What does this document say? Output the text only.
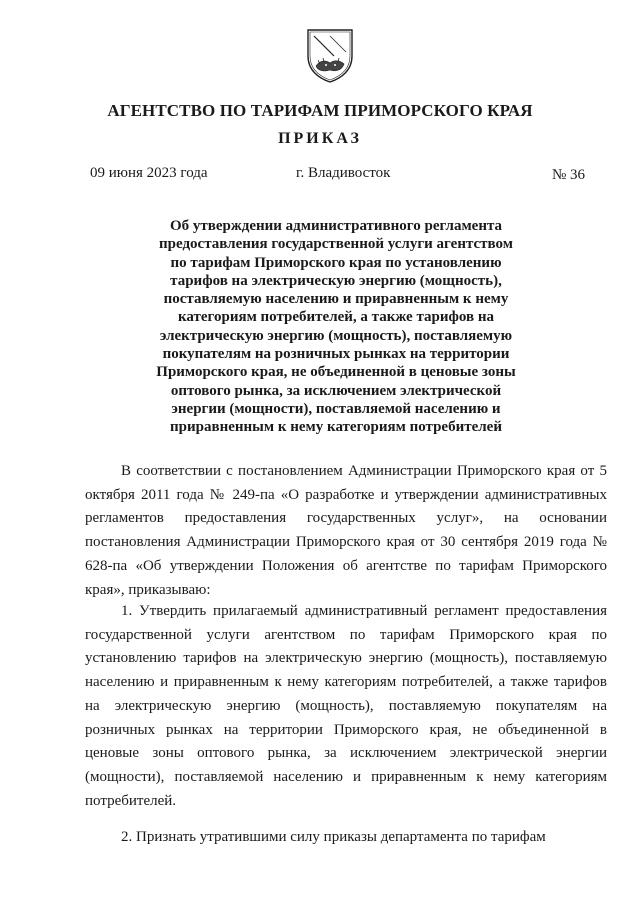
АГЕНТСТВО ПО ТАРИФАМ ПРИМОРСКОГО КРАЯ
ПРИКАЗ
09 июня 2023 года	г. Владивосток	№ 36
Об утверждении административного регламента предоставления государственной услуги агентством по тарифам Приморского края по установлению тарифов на электрическую энергию (мощность), поставляемую населению и приравненным к нему категориям потребителей, а также тарифов на электрическую энергию (мощность), поставляемую покупателям на розничных рынках на территории Приморского края, не объединенной в ценовые зоны оптового рынка, за исключением электрической энергии (мощности), поставляемой населению и приравненным к нему категориям потребителей

В соответствии с постановлением Администрации Приморского края от 5 октября 2011 года № 249-па «О разработке и утверждении административных регламентов предоставления государственных услуг», на основании постановления Администрации Приморского края от 30 сентября 2019 года № 628-па «Об утверждении Положения об агентстве по тарифам Приморского края», приказываю:

1. Утвердить прилагаемый административный регламент предоставления государственной услуги агентством по тарифам Приморского края по установлению тарифов на электрическую энергию (мощность), поставляемую населению и приравненным к нему категориям потребителей, а также тарифов на электрическую энергию (мощность), поставляемую покупателям на розничных рынках на территории Приморского края, не объединенной в ценовые зоны оптового рынка, за исключением электрической энергии (мощности), поставляемой населению и приравненным к нему категориям потребителей.

2. Признать утратившими силу приказы департамента по тарифам
